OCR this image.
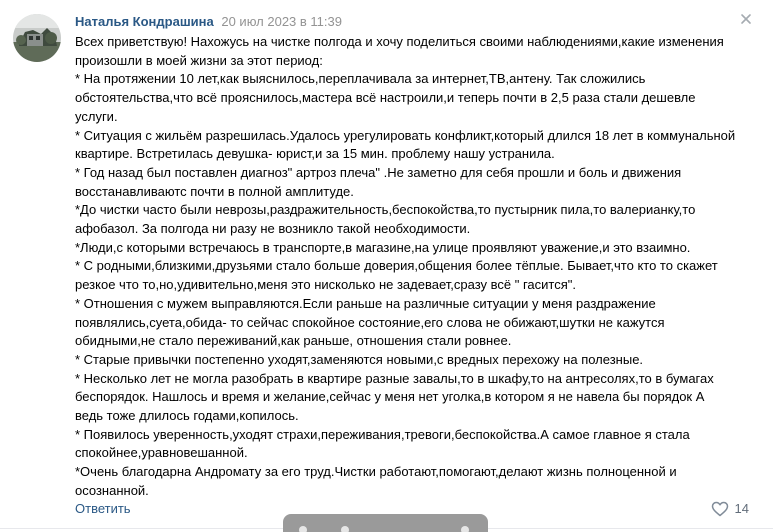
Наталья Кондрашина 20 июл 2023 в 11:39
Всех приветствую! Нахожусь на чистке полгода и хочу поделиться своими наблюдениями,какие изменения
произошли в моей жизни за этот период:
* На протяжении 10 лет,как выяснилось,переплачивала за интернет,ТВ,антену. Так сложились
обстоятельства,что всё прояснилось,мастера всё настроили,и теперь почти в 2,5 раза стали дешевле
услуги.
* Ситуация с жильём разрешилась.Удалось урегулировать конфликт,который длился 18 лет в коммунальной
квартире. Встретилась девушка- юрист,и за 15 мин. проблему нашу устранила.
* Год назад был поставлен диагноз" артроз плеча" .Не заметно для себя прошли и боль и движения
восстанавливаютс почти в полной амплитуде.
*До чистки часто были неврозы,раздражительность,беспокойства,то пустырник пила,то валерианку,то
афобазол. За полгода ни разу не возникло такой необходимости.
*Люди,с которыми встречаюсь в транспорте,в магазине,на улице проявляют уважение,и это взаимно.
* С родными,близкими,друзьями стало больше доверия,общения более тёплые. Бывает,что кто то скажет
резкое что то,но,удивительно,меня это нисколько не задевает,сразу всё " гасится".
* Отношения с мужем выправляются.Если раньше на различные ситуации у меня раздражение
появлялись,суета,обида- то сейчас спокойное состояние,его слова не обижают,шутки не кажутся
обидными,не стало переживаний,как раньше, отношения стали ровнее.
* Старые привычки постепенно уходят,заменяются новыми,с вредных перехожу на полезные.
* Несколько лет не могла разобрать в квартире разные завалы,то в шкафу,то на антресолях,то в бумагах
беспорядок. Нашлось и время и желание,сейчас у меня нет уголка,в котором я не навела бы порядок А
ведь тоже длилось годами,копилось.
* Появилось уверенность,уходят страхи,переживания,тревоги,беспокойства.А самое главное я стала
спокойнее,уравновешанной.
*Очень благодарна Андромату за его труд.Чистки работают,помогают,делают жизнь полноценной и
осознанной.
Ответить	14
